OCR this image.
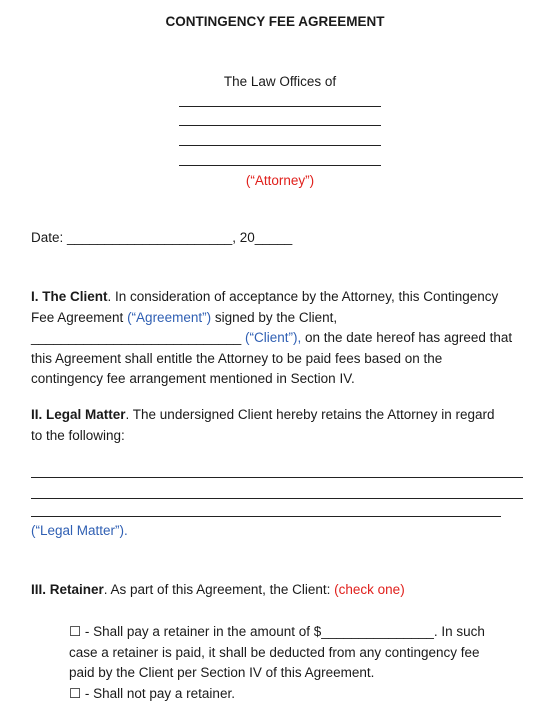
CONTINGENCY FEE AGREEMENT
The Law Offices of
(“Attorney”)
Date: ______________________, 20_____
I. The Client. In consideration of acceptance by the Attorney, this Contingency
Fee Agreement (“Agreement”) signed by the Client,
____________________________ (“Client”), on the date hereof has agreed that
this Agreement shall entitle the Attorney to be paid fees based on the
contingency fee arrangement mentioned in Section IV.
II. Legal Matter. The undersigned Client hereby retains the Attorney in regard
to the following:
(“Legal Matter”).
III. Retainer. As part of this Agreement, the Client: (check one)
☐ - Shall pay a retainer in the amount of $_______________. In such
case a retainer is paid, it shall be deducted from any contingency fee
paid by the Client per Section IV of this Agreement.
☐ - Shall not pay a retainer.
